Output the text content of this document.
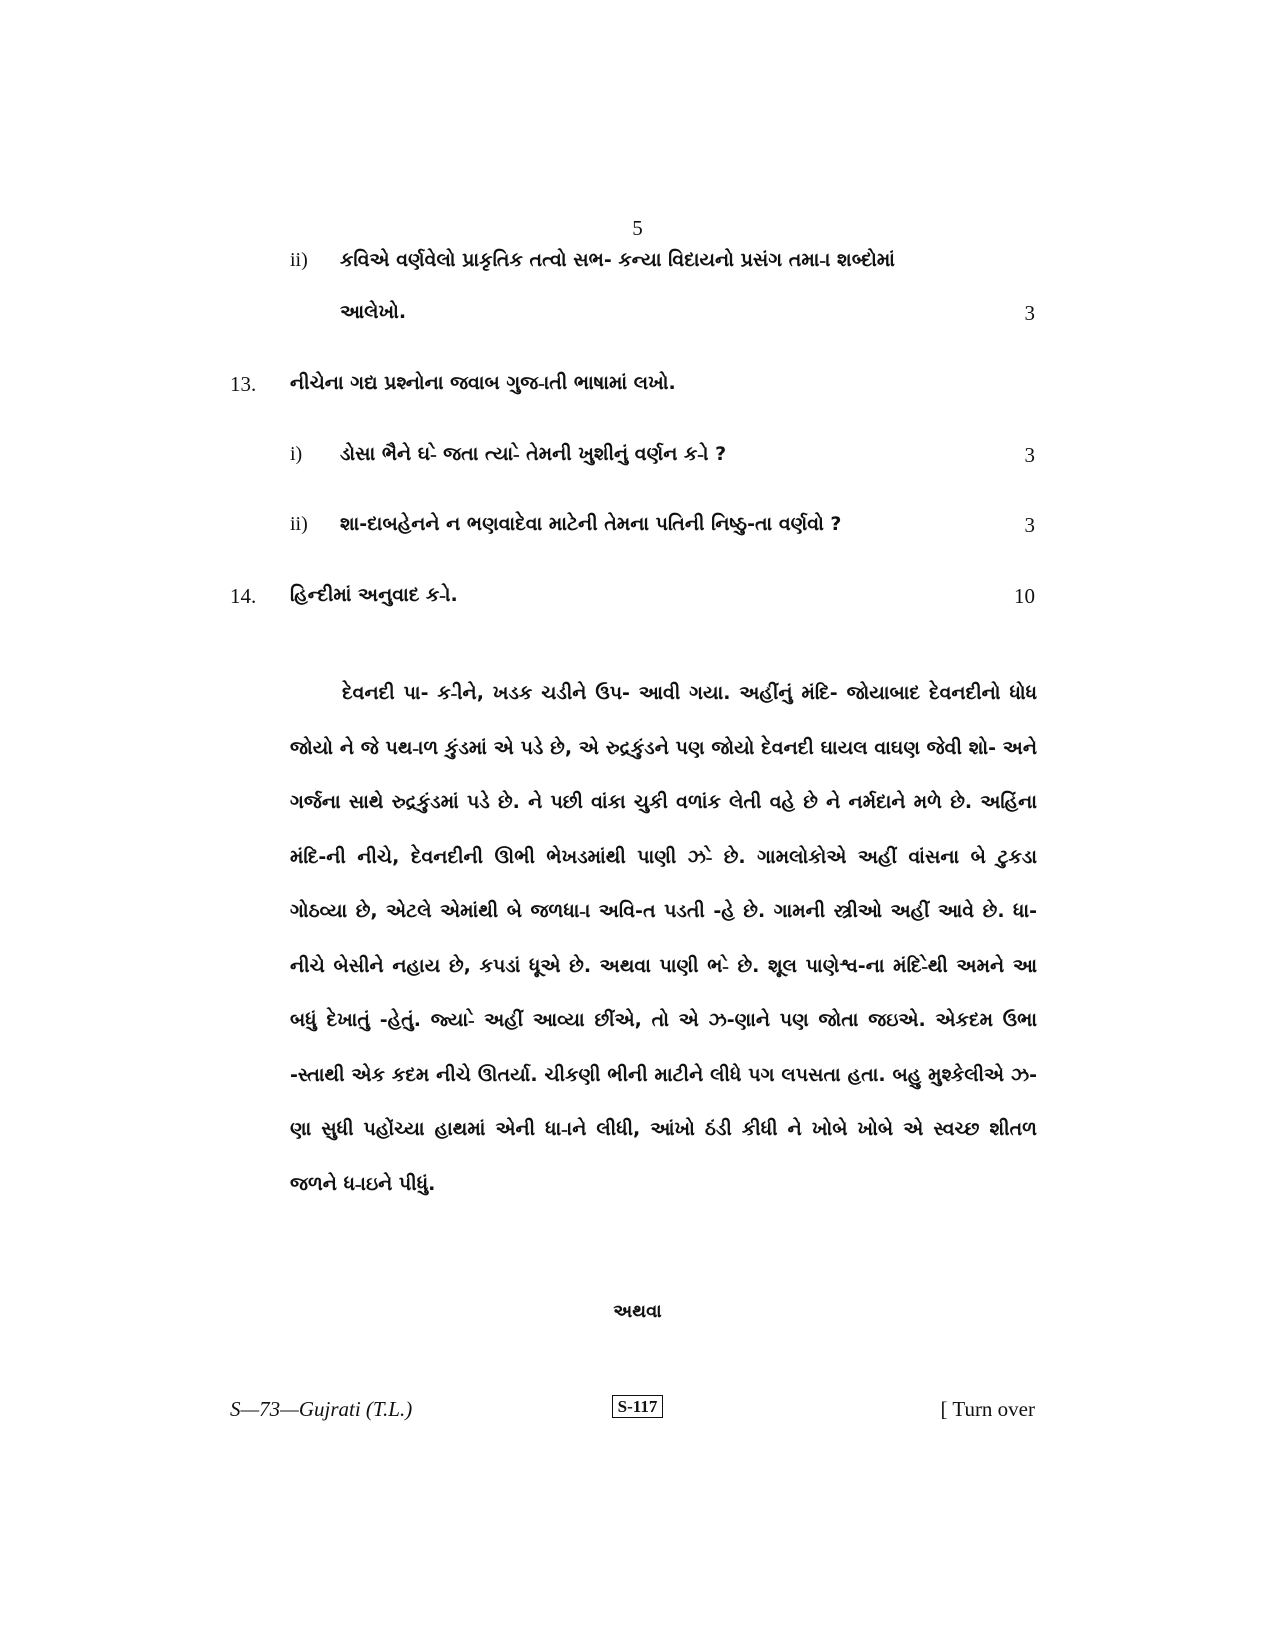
5
ii) કવિએ વર્ણવેલો પ્રાકૃતિક તત્વો સભ- કન્યા વિદાયનો પ્રસંગ તમા-ા શબ્દોમાં
આલેખો.	3
13. નીચેના ગદ્ય પ્રશ્નોના જવાબ ગુજ-ાતી ભાષામાં લખો.
i) ડોસા ભૈને ઘ-ે જતા ત્યા-ે તેમની ખુશીનું વર્ણન ક-ો ?	3
ii) શા-દાબહેનને ન ભણવાદેવા માટેની તેમના પતિની નિષ્ઠુ-તા વર્ણવો ?	3
14. હિન્દીમાં અનુવાદ ક-ો.	10
દેવનદી પા- ક-ીને, ખડક ચડીને ઉપ- આવી ગયા. અહીંનું મંદિ- જોયાબાદ દેવનદીનો ધોધ જોયો ને જે પથ-ાળ કુંડમાં એ પડે છે, એ રુદ્રકુંડને પણ જોયો દેવનદી ઘાયલ વાઘણ જેવી શો- અને ગર્જના સાથે રુદ્રકુંડમાં પડે છે. ને પછી વાંકા ચુકી વળાંક લેતી વહે છે ને નર્મદાને મળે છે. અહિંના મંદિ-ની નીચે, દેવનદીની ઊભી ભેખડમાંથી પાણી ઝ-ે છે. ગામલોકોએ અહીં વાંસના બે ટુકડા ગોઠવ્યા છે, એટલે એમાંથી બે જળધા-ા અવિ-ત પડતી -હે છે. ગામની સ્ત્રીઓ અહીં આવે છે. ધા- નીચે બેસીને નહાય છે, કપડાં ધૂએ છે. અથવા પાણી ભ-ે છે. શૂલ પાણેશ્વ-ના મંદિ-ેથી અમને આ બધું દેખાતું -હેતું. જ્યા-ે અહીં આવ્યા છીંએ, તો એ ઝ-ણાને પણ જોતા જઇએ. એકદમ ઉભા -સ્તાથી એક કદમ નીચે ઊતર્યા. ચીકણી ભીની માટીને લીધે પગ લપસતા હતા. બહુ મુશ્કેલીએ ઝ-ણા સુધી પહોંચ્યા હાથમાં એની ધા-ાને લીધી, આંખો ઠંડી કીધી ને ખોબે ખોબે એ સ્વચ્છ શીતળ જળને ધ-ાઇને પીધું.
અથવા
S—73—Gujrati (T.L.)	S-117	[ Turn over
